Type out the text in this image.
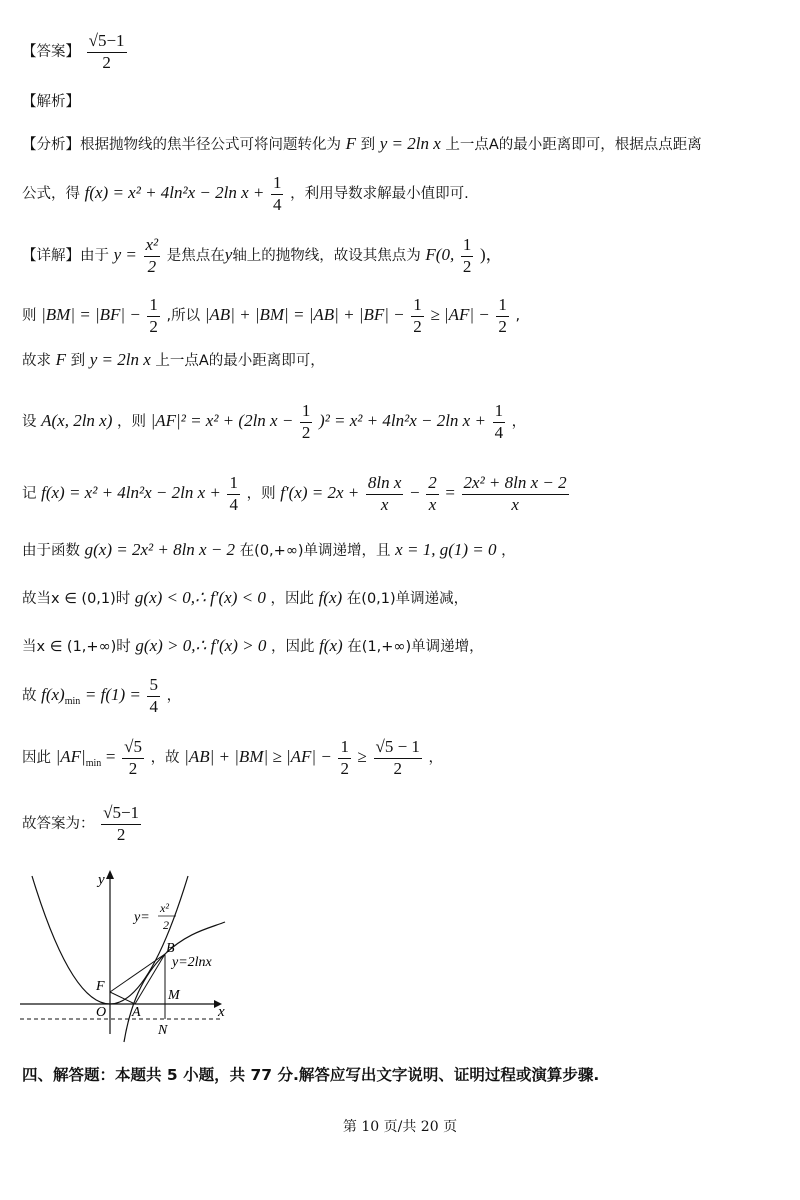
【答案】 $\frac{√5-1}{2}$
【解析】
【分析】根据抛物线的焦半径公式可将问题转化为 F 到 y = 2ln x 上一点A的最小距离即可，根据点点距离
公式，得 f(x) = x² + 4ln²x − 2ln $x + \frac{1}{4}$ ，利用导数求解最小值即可.
【详解】由于 $y = \frac{\text{x²}}{2}$ 是焦点在y轴上的抛物线，故设其焦点为 F(0, $\frac{1}{2}$ )，
则 $|BM| = |BF| - \frac{1}{2}$ ,所以 $|AB| + |BM| = |AB| + |BF| - \frac{1}{2} \ge |AF| - \frac{1}{2}$ ,
故求 F 到 y = 2ln x 上一点A的最小距离即可，
设 A(x, 2ln x) ，则 |AF|² = x² + (2ln $x - \frac{1}{2} )^2 = x^2 + 4\ln^2x - 2\ln$ $x + \frac{1}{4}$ ，
记 f(x) = x² + 4ln²x − 2ln $x + \frac{1}{4}$ ，则 $f'(x) = 2x + \frac{\text{8ln x}}{x} - \frac{2}{x} = \frac{\text{2x² + 8ln x − 2}}{x}$
由于函数 g(x) = 2x² + 8ln x − 2 在(0,+∞)单调递增，且 x = 1, g(1) = 0 ，
故当x ∈ (0,1)时 g(x) < 0,∴ f′(x) < 0 ，因此 f(x) 在(0,1)单调递减，
当x ∈ (1,+∞)时 g(x) > 0,∴ f′(x) > 0 ，因此 f(x) 在(1,+∞)单调递增，
故 $f(x)_{min} = f(1) = \frac{5}{4}$ ，
因此 $|AF|_{min} = \frac{√5}{2}$ ，故 $|AB| + |BM| \ge |AF| - \frac{1}{2} \ge \frac{√5 - 1}{2}$ ，
故答案为： $\frac{√5-1}{2}$
y
x
y=
x²
2
y=2lnx
B
F
M
O A
N
四、解答题：本题共 5 小题，共 77 分.解答应写出文字说明、证明过程或演算步骤.
第 10 页/共 20 页
